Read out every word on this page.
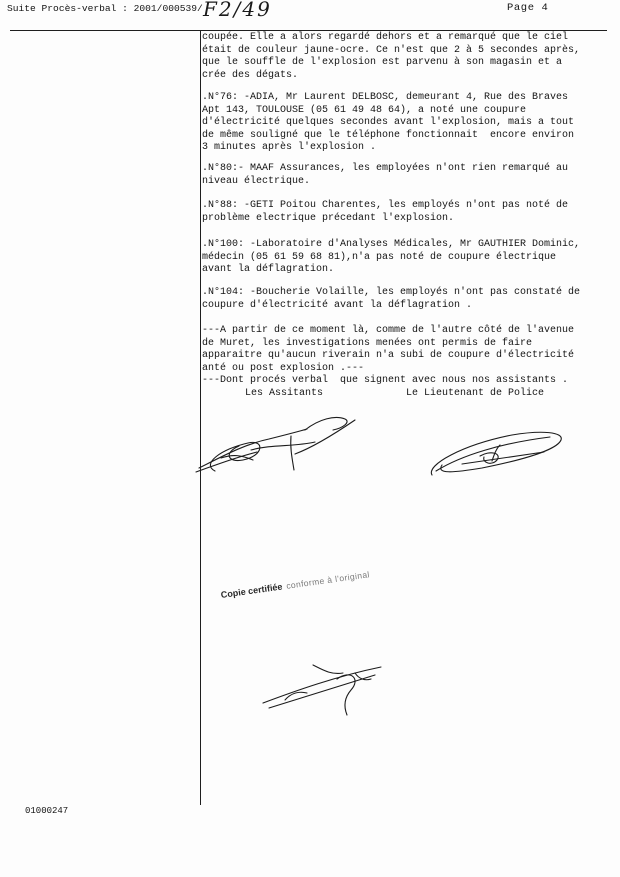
Suite Procès-verbal : 2001/000539/ F2/49	Page 4
coupée. Elle a alors regardé dehors et a remarqué que le ciel
était de couleur jaune-ocre. Ce n'est que 2 à 5 secondes après,
que le souffle de l'explosion est parvenu à son magasin et a
crée des dégats.
.N°76: -ADIA, Mr Laurent DELBOSC, demeurant 4, Rue des Braves
Apt 143, TOULOUSE (05 61 49 48 64), a noté une coupure
d'électricité quelques secondes avant l'explosion, mais a tout
de même souligné que le téléphone fonctionnait  encore environ
3 minutes après l'explosion .
.N°80:- MAAF Assurances, les employées n'ont rien remarqué au
niveau électrique.
.N°88: -GETI Poitou Charentes, les employés n'ont pas noté de
problème electrique précedant l'explosion.
.N°100: -Laboratoire d'Analyses Médicales, Mr GAUTHIER Dominic,
médecin (05 61 59 68 81),n'a pas noté de coupure électrique
avant la déflagration.
.N°104: -Boucherie Volaille, les employés n'ont pas constaté de
coupure d'électricité avant la déflagration .
---A partir de ce moment là, comme de l'autre côté de l'avenue
de Muret, les investigations menées ont permis de faire
apparaitre qu'aucun riverain n'a subi de coupure d'électricité
anté ou post explosion .---
---Dont procés verbal  que signent avec nous nos assistants .
Les Assitants	Le Lieutenant de Police
Copie certifiée conforme à l'original
01000247
